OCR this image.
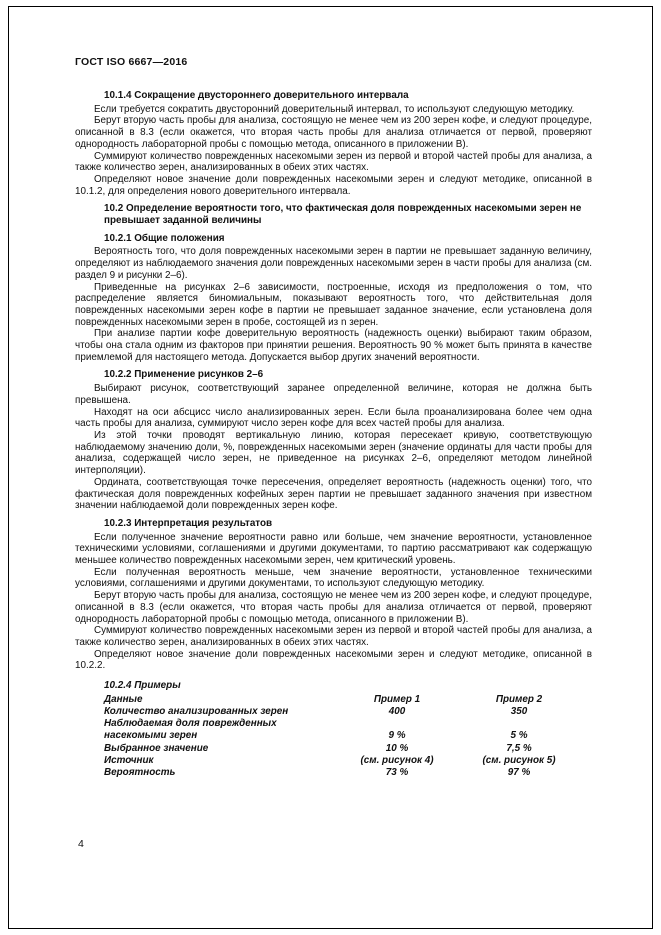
ГОСТ ISO 6667—2016
10.1.4 Сокращение двустороннего доверительного интервала
Если требуется сократить двусторонний доверительный интервал, то используют следующую методику.
Берут вторую часть пробы для анализа, состоящую не менее чем из 200 зерен кофе, и следуют процедуре, описанной в 8.3 (если окажется, что вторая часть пробы для анализа отличается от первой, проверяют однородность лабораторной пробы с помощью метода, описанного в приложении В).
Суммируют количество поврежденных насекомыми зерен из первой и второй частей пробы для анализа, а также количество зерен, анализированных в обеих этих частях.
Определяют новое значение доли поврежденных насекомыми зерен и следуют методике, описанной в 10.1.2, для определения нового доверительного интервала.
10.2 Определение вероятности того, что фактическая доля поврежденных насекомыми зерен не превышает заданной величины
10.2.1 Общие положения
Вероятность того, что доля поврежденных насекомыми зерен в партии не превышает заданную величину, определяют из наблюдаемого значения доли поврежденных насекомыми зерен в части пробы для анализа (см. раздел 9 и рисунки 2–6).
Приведенные на рисунках 2–6 зависимости, построенные, исходя из предположения о том, что распределение является биномиальным, показывают вероятность того, что действительная доля поврежденных насекомыми зерен кофе в партии не превышает заданное значение, если установлена доля поврежденных насекомыми зерен в пробе, состоящей из n зерен.
При анализе партии кофе доверительную вероятность (надежность оценки) выбирают таким образом, чтобы она стала одним из факторов при принятии решения. Вероятность 90 % может быть принята в качестве приемлемой для настоящего метода. Допускается выбор других значений вероятности.
10.2.2 Применение рисунков 2–6
Выбирают рисунок, соответствующий заранее определенной величине, которая не должна быть превышена.
Находят на оси абсцисс число анализированных зерен. Если была проанализирована более чем одна часть пробы для анализа, суммируют число зерен кофе для всех частей пробы для анализа.
Из этой точки проводят вертикальную линию, которая пересекает кривую, соответствующую наблюдаемому значению доли, %, поврежденных насекомыми зерен (значение ординаты для части пробы для анализа, содержащей число зерен, не приведенное на рисунках 2–6, определяют методом линейной интерполяции).
Ордината, соответствующая точке пересечения, определяет вероятность (надежность оценки) того, что фактическая доля поврежденных кофейных зерен партии не превышает заданного значения при известном значении наблюдаемой доли поврежденных зерен кофе.
10.2.3 Интерпретация результатов
Если полученное значение вероятности равно или больше, чем значение вероятности, установленное техническими условиями, соглашениями и другими документами, то партию рассматривают как содержащую меньшее количество поврежденных насекомыми зерен, чем критический уровень.
Если полученная вероятность меньше, чем значение вероятности, установленное техническими условиями, соглашениями и другими документами, то используют следующую методику.
Берут вторую часть пробы для анализа, состоящую не менее чем из 200 зерен кофе, и следуют процедуре, описанной в 8.3 (если окажется, что вторая часть пробы для анализа отличается от первой, проверяют однородность лабораторной пробы с помощью метода, описанного в приложении В).
Суммируют количество поврежденных насекомыми зерен из первой и второй частей пробы для анализа, а также количество зерен, анализированных в обеих этих частях.
Определяют новое значение доли поврежденных насекомыми зерен и следуют методике, описанной в 10.2.2.
10.2.4 Примеры
Данные	Пример 1	Пример 2
Количество анализированных зерен	400	350
Наблюдаемая доля поврежденных насекомыми зерен	9 %	5 %
Выбранное значение	10 %	7,5 %
Источник	(см. рисунок 4)	(см. рисунок 5)
Вероятность	73 %	97 %
4
